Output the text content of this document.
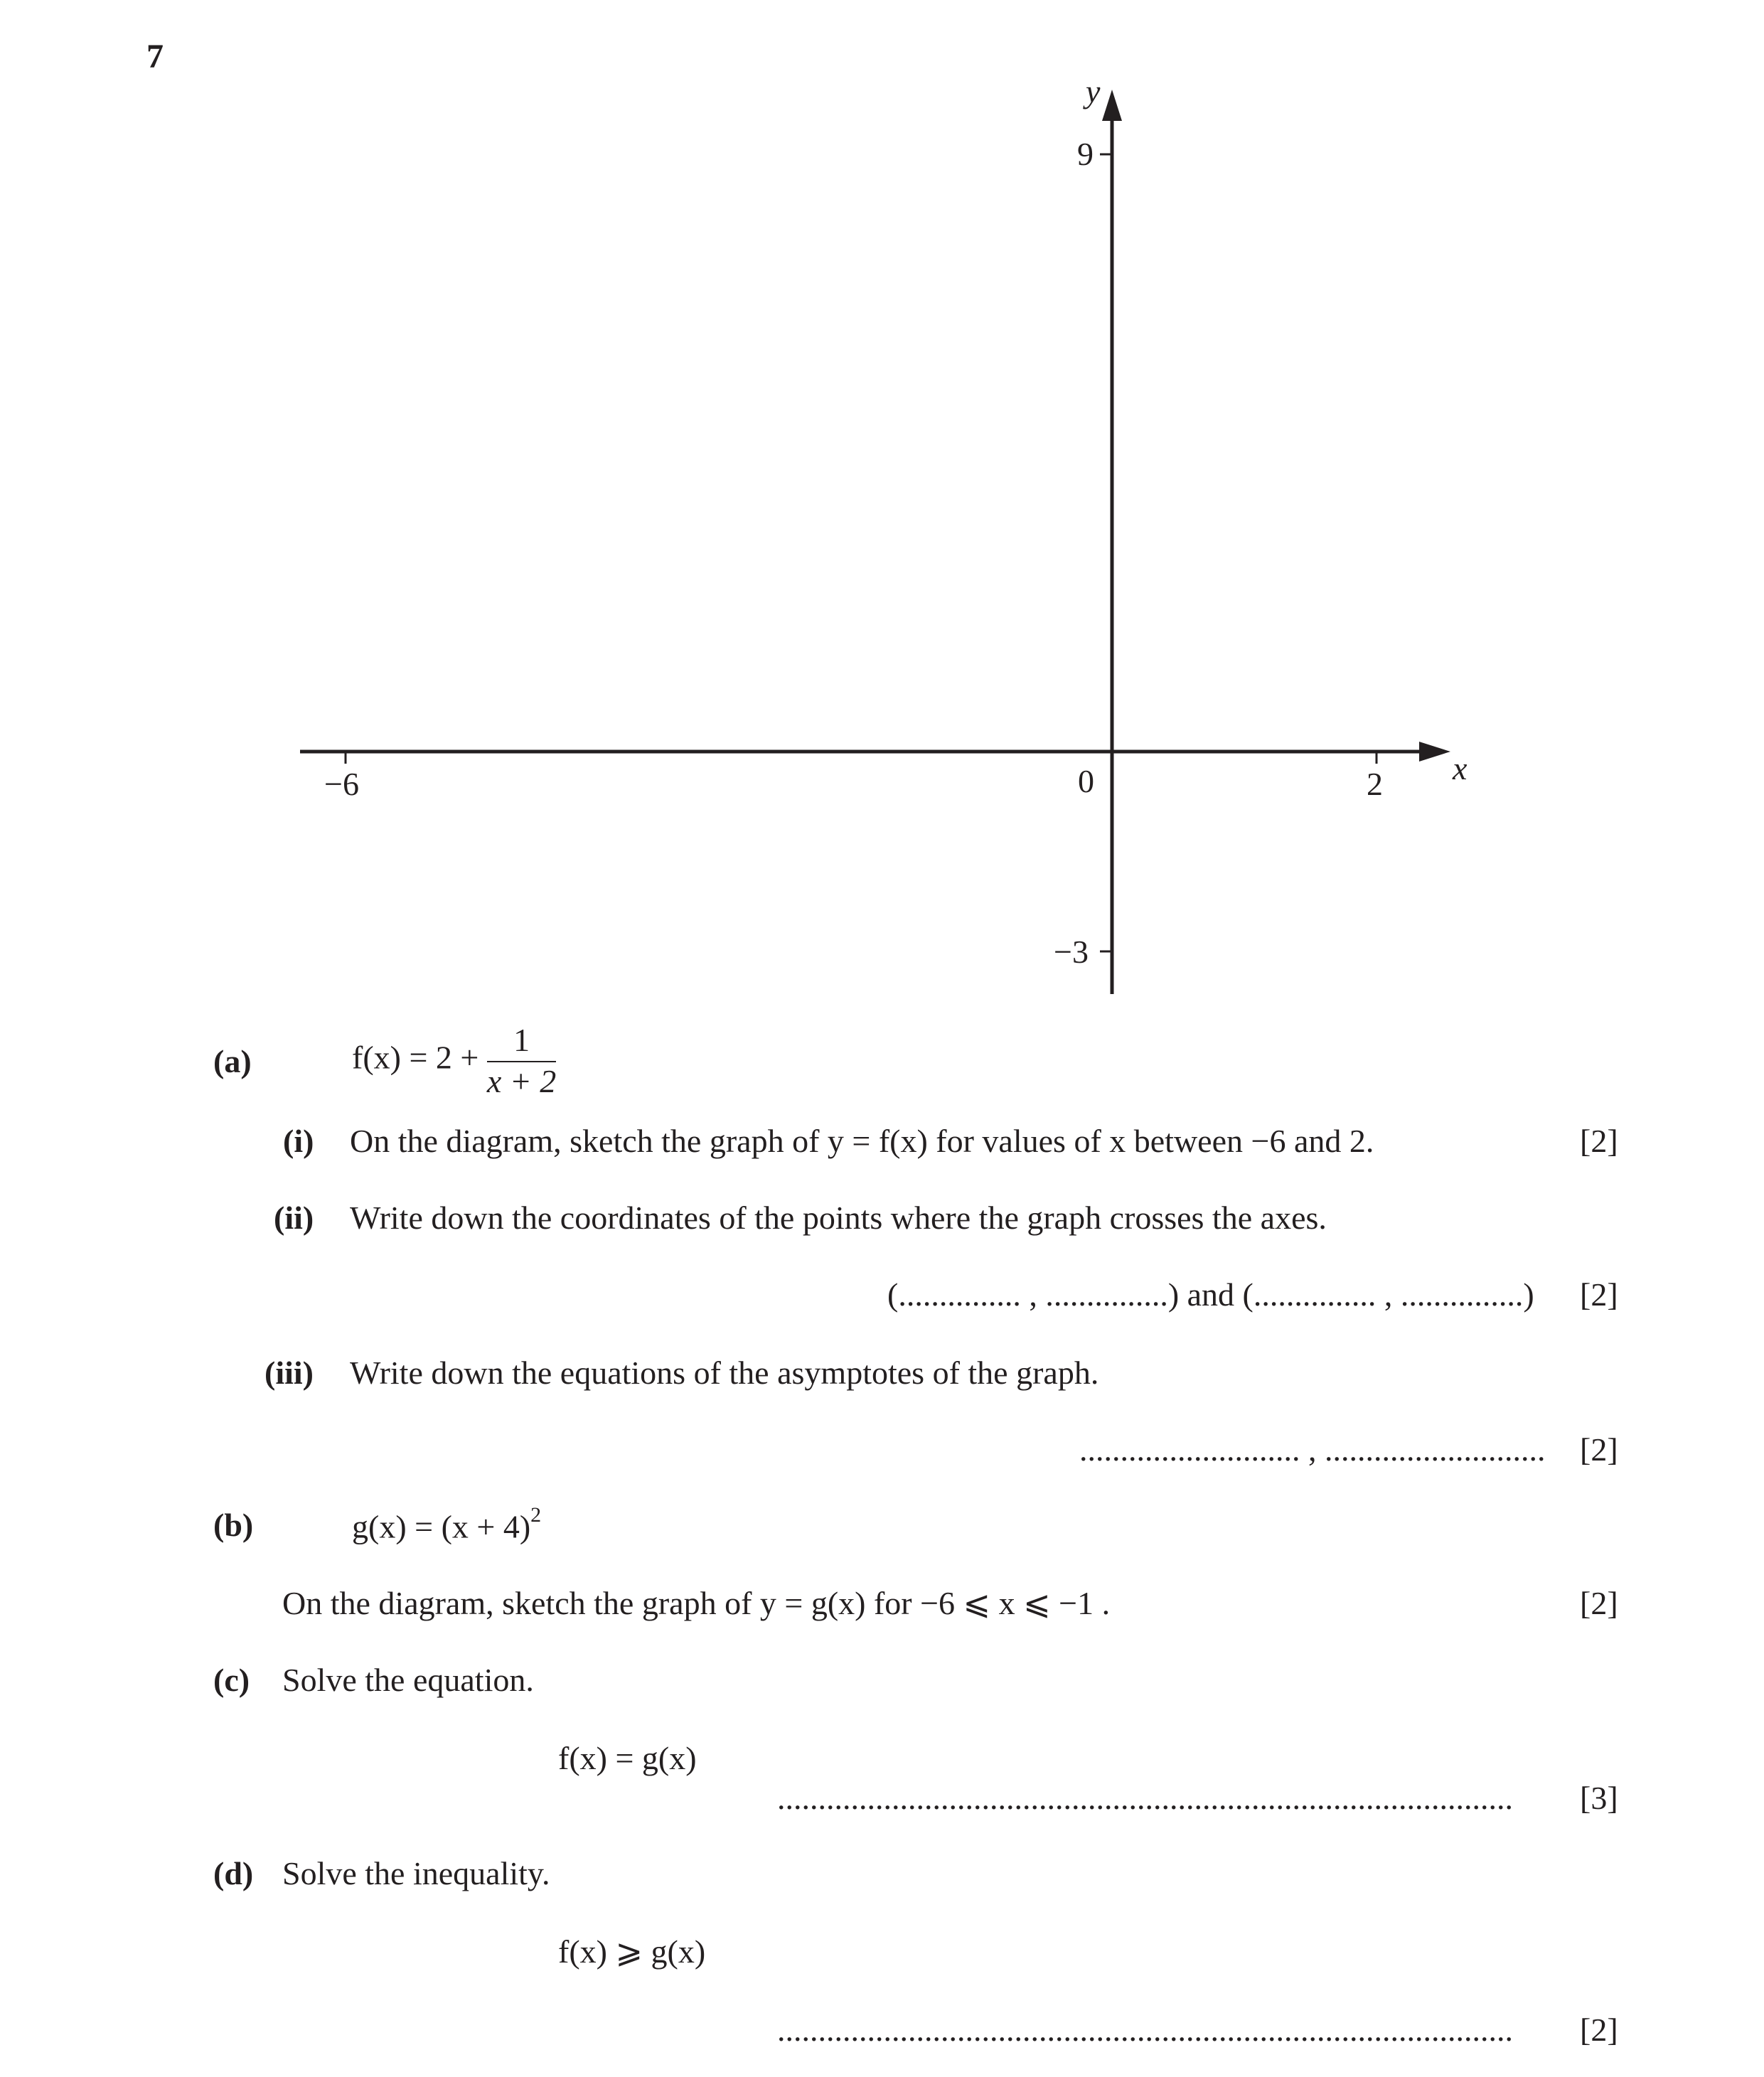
7
y
x
9
−3
−6	2
0
(a)	$f(x) = 2 + \frac{1}{x + 2}$
(i) On the diagram, sketch the graph of y = f(x) for values of x between −6 and 2.	[2]
(ii) Write down the coordinates of the points where the graph crosses the axes.
(............... , ...............) and (............... , ...............) [2]
(iii) Write down the equations of the asymptotes of the graph.
........................... , ........................... [2]
(b)	$g(x) = (x + 4)^2$
On the diagram, sketch the graph of y = g(x) for −6 ⩽ x ⩽ −1 .	[2]
(c) Solve the equation.
f(x) = g(x)
.......................................................................................... [3]
(d) Solve the inequality.
f(x) ⩾ g(x)
.......................................................................................... [2]
